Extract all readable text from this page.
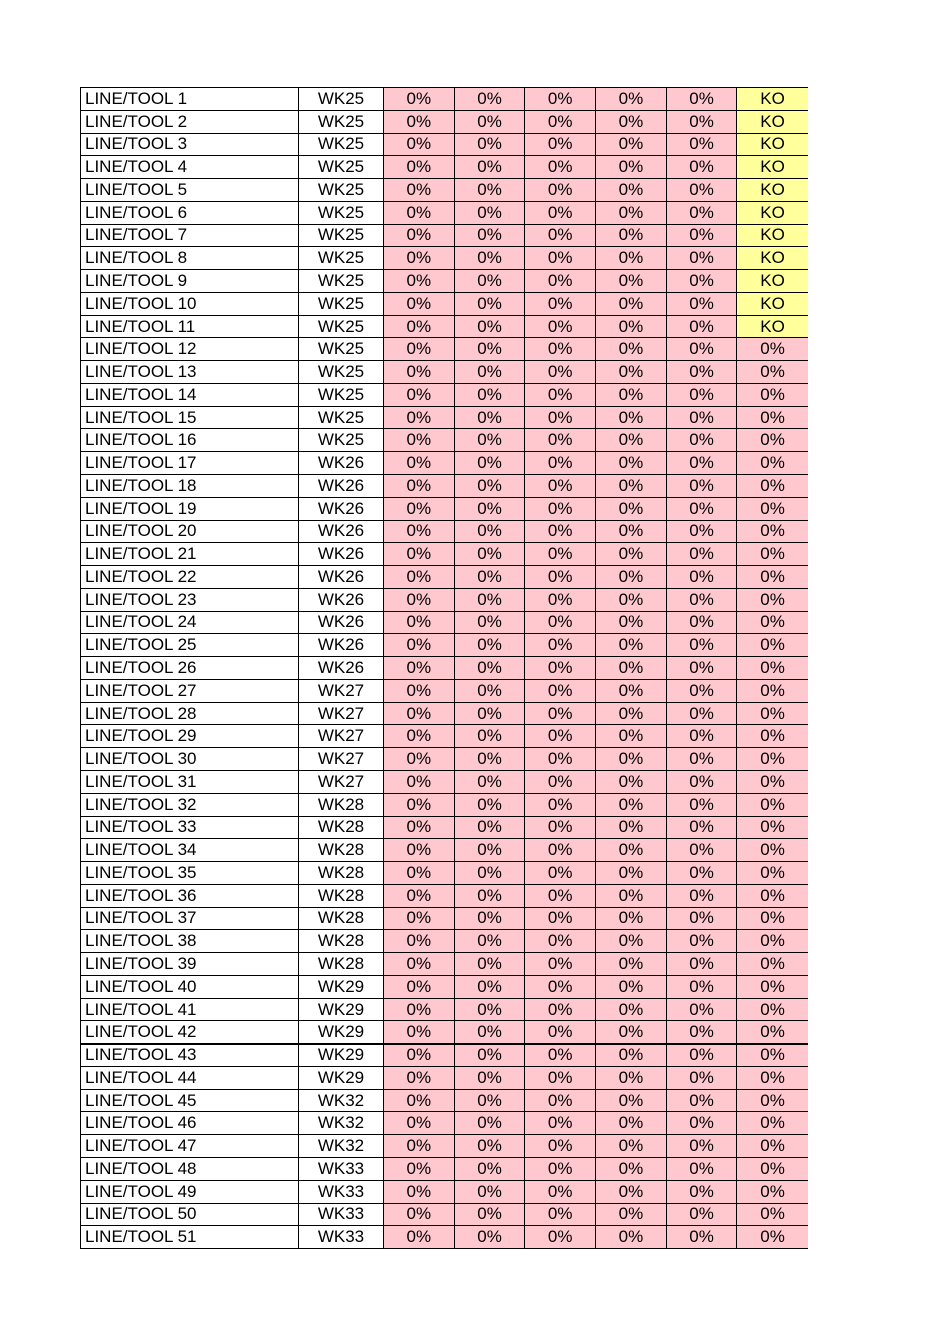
LINE/TOOL 1	WK25	0%	0%	0%	0%	0%	KO
LINE/TOOL 2	WK25	0%	0%	0%	0%	0%	KO
LINE/TOOL 3	WK25	0%	0%	0%	0%	0%	KO
LINE/TOOL 4	WK25	0%	0%	0%	0%	0%	KO
LINE/TOOL 5	WK25	0%	0%	0%	0%	0%	KO
LINE/TOOL 6	WK25	0%	0%	0%	0%	0%	KO
LINE/TOOL 7	WK25	0%	0%	0%	0%	0%	KO
LINE/TOOL 8	WK25	0%	0%	0%	0%	0%	KO
LINE/TOOL 9	WK25	0%	0%	0%	0%	0%	KO
LINE/TOOL 10	WK25	0%	0%	0%	0%	0%	KO
LINE/TOOL 11	WK25	0%	0%	0%	0%	0%	KO
LINE/TOOL 12	WK25	0%	0%	0%	0%	0%	0%
LINE/TOOL 13	WK25	0%	0%	0%	0%	0%	0%
LINE/TOOL 14	WK25	0%	0%	0%	0%	0%	0%
LINE/TOOL 15	WK25	0%	0%	0%	0%	0%	0%
LINE/TOOL 16	WK25	0%	0%	0%	0%	0%	0%
LINE/TOOL 17	WK26	0%	0%	0%	0%	0%	0%
LINE/TOOL 18	WK26	0%	0%	0%	0%	0%	0%
LINE/TOOL 19	WK26	0%	0%	0%	0%	0%	0%
LINE/TOOL 20	WK26	0%	0%	0%	0%	0%	0%
LINE/TOOL 21	WK26	0%	0%	0%	0%	0%	0%
LINE/TOOL 22	WK26	0%	0%	0%	0%	0%	0%
LINE/TOOL 23	WK26	0%	0%	0%	0%	0%	0%
LINE/TOOL 24	WK26	0%	0%	0%	0%	0%	0%
LINE/TOOL 25	WK26	0%	0%	0%	0%	0%	0%
LINE/TOOL 26	WK26	0%	0%	0%	0%	0%	0%
LINE/TOOL 27	WK27	0%	0%	0%	0%	0%	0%
LINE/TOOL 28	WK27	0%	0%	0%	0%	0%	0%
LINE/TOOL 29	WK27	0%	0%	0%	0%	0%	0%
LINE/TOOL 30	WK27	0%	0%	0%	0%	0%	0%
LINE/TOOL 31	WK27	0%	0%	0%	0%	0%	0%
LINE/TOOL 32	WK28	0%	0%	0%	0%	0%	0%
LINE/TOOL 33	WK28	0%	0%	0%	0%	0%	0%
LINE/TOOL 34	WK28	0%	0%	0%	0%	0%	0%
LINE/TOOL 35	WK28	0%	0%	0%	0%	0%	0%
LINE/TOOL 36	WK28	0%	0%	0%	0%	0%	0%
LINE/TOOL 37	WK28	0%	0%	0%	0%	0%	0%
LINE/TOOL 38	WK28	0%	0%	0%	0%	0%	0%
LINE/TOOL 39	WK28	0%	0%	0%	0%	0%	0%
LINE/TOOL 40	WK29	0%	0%	0%	0%	0%	0%
LINE/TOOL 41	WK29	0%	0%	0%	0%	0%	0%
LINE/TOOL 42	WK29	0%	0%	0%	0%	0%	0%
LINE/TOOL 43	WK29	0%	0%	0%	0%	0%	0%
LINE/TOOL 44	WK29	0%	0%	0%	0%	0%	0%
LINE/TOOL 45	WK32	0%	0%	0%	0%	0%	0%
LINE/TOOL 46	WK32	0%	0%	0%	0%	0%	0%
LINE/TOOL 47	WK32	0%	0%	0%	0%	0%	0%
LINE/TOOL 48	WK33	0%	0%	0%	0%	0%	0%
LINE/TOOL 49	WK33	0%	0%	0%	0%	0%	0%
LINE/TOOL 50	WK33	0%	0%	0%	0%	0%	0%
LINE/TOOL 51	WK33	0%	0%	0%	0%	0%	0%
